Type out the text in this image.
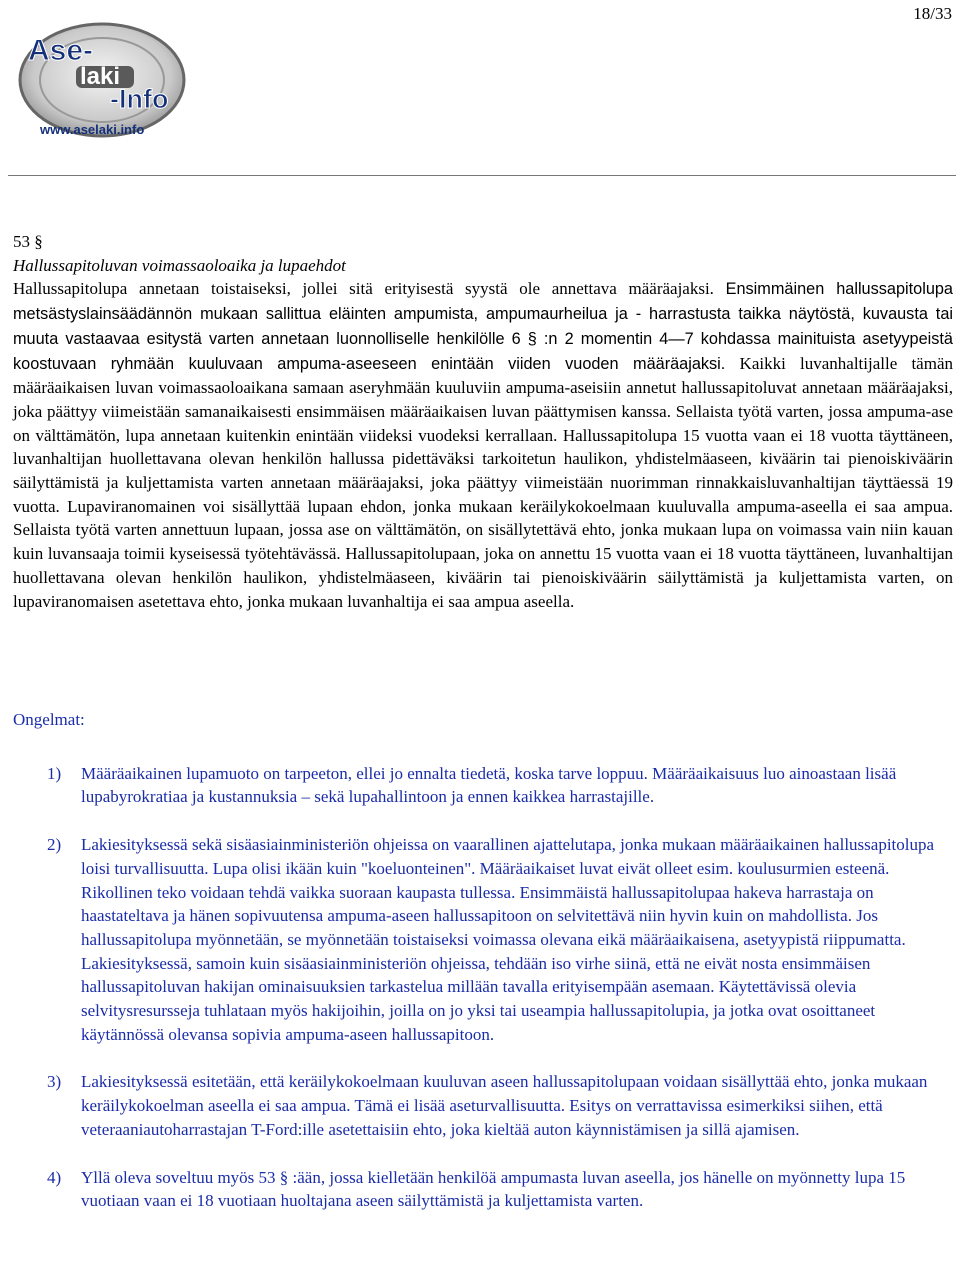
18/33
Ase-
laki
-Info
www.aselaki.info

53 §

Hallussapitoluvan voimassaoloaika ja lupaehdot

Hallussapitolupa annetaan toistaiseksi, jollei sitä erityisestä syystä ole annettava määräajaksi. Ensimmäinen hallussapitolupa metsästyslainsäädännön mukaan sallittua eläinten ampumista, ampumaurheilua ja - harrastusta taikka näytöstä, kuvausta tai muuta vastaavaa esitystä varten annetaan luonnolliselle henkilölle 6 § :n 2 momentin 4—7 kohdassa mainituista asetyypeistä koostuvaan ryhmään kuuluvaan ampuma-aseeseen enintään viiden vuoden määräajaksi. Kaikki luvanhaltijalle tämän määräaikaisen luvan voimassaoloaikana samaan aseryhmään kuuluviin ampuma-aseisiin annetut hallussapitoluvat annetaan määräajaksi, joka päättyy viimeistään samanaikaisesti ensimmäisen määräaikaisen luvan päättymisen kanssa. Sellaista työtä varten, jossa ampuma-ase on välttämätön, lupa annetaan kuitenkin enintään viideksi vuodeksi kerrallaan. Hallussapitolupa 15 vuotta vaan ei 18 vuotta täyttäneen, luvanhaltijan huollettavana olevan henkilön hallussa pidettäväksi tarkoitetun haulikon, yhdistelmäaseen, kiväärin tai pienoiskiväärin säilyttämistä ja kuljettamista varten annetaan määräajaksi, joka päättyy viimeistään nuorimman rinnakkaisluvanhaltijan täyttäessä 19 vuotta. Lupaviranomainen voi sisällyttää lupaan ehdon, jonka mukaan keräilykokoelmaan kuuluvalla ampuma-aseella ei saa ampua. Sellaista työtä varten annettuun lupaan, jossa ase on välttämätön, on sisällytettävä ehto, jonka mukaan lupa on voimassa vain niin kauan kuin luvansaaja toimii kyseisessä työtehtävässä. Hallussapitolupaan, joka on annettu 15 vuotta vaan ei 18 vuotta täyttäneen, luvanhaltijan huollettavana olevan henkilön haulikon, yhdistelmäaseen, kiväärin tai pienoiskiväärin säilyttämistä ja kuljettamista varten, on lupaviranomaisen asetettava ehto, jonka mukaan luvanhaltija ei saa ampua aseella.

Ongelmat:

1) Määräaikainen lupamuoto on tarpeeton, ellei jo ennalta tiedetä, koska tarve loppuu. Määräaikaisuus luo ainoastaan lisää lupabyrokratiaa ja kustannuksia – sekä lupahallintoon ja ennen kaikkea harrastajille.
2) Lakiesityksessä sekä sisäasiainministeriön ohjeissa on vaarallinen ajattelutapa, jonka mukaan määräaikainen hallussapitolupa loisi turvallisuutta. Lupa olisi ikään kuin "koeluonteinen". Määräaikaiset luvat eivät olleet esim. koulusurmien esteenä. Rikollinen teko voidaan tehdä vaikka suoraan kaupasta tullessa. Ensimmäistä hallussapitolupaa hakeva harrastaja on haastateltava ja hänen sopivuutensa ampuma-aseen hallussapitoon on selvitettävä niin hyvin kuin on mahdollista. Jos hallussapitolupa myönnetään, se myönnetään toistaiseksi voimassa olevana eikä määräaikaisena, asetyypistä riippumatta. Lakiesityksessä, samoin kuin sisäasiainministeriön ohjeissa, tehdään iso virhe siinä, että ne eivät nosta ensimmäisen hallussapitoluvan hakijan ominaisuuksien tarkastelua millään tavalla erityisempään asemaan. Käytettävissä olevia selvitysresursseja tuhlataan myös hakijoihin, joilla on jo yksi tai useampia hallussapitolupia, ja jotka ovat osoittaneet käytännössä olevansa sopivia ampuma-aseen hallussapitoon.
3) Lakiesityksessä esitetään, että keräilykokoelmaan kuuluvan aseen hallussapitolupaan voidaan sisällyttää ehto, jonka mukaan keräilykokoelman aseella ei saa ampua. Tämä ei lisää aseturvallisuutta. Esitys on verrattavissa esimerkiksi siihen, että veteraaniautoharrastajan T-Ford:ille asetettaisiin ehto, joka kieltää auton käynnistämisen ja sillä ajamisen.
4) Yllä oleva soveltuu myös 53 § :ään, jossa kielletään henkilöä ampumasta luvan aseella, jos hänelle on myönnetty lupa 15 vuotiaan vaan ei 18 vuotiaan huoltajana aseen säilyttämistä ja kuljettamista varten.
